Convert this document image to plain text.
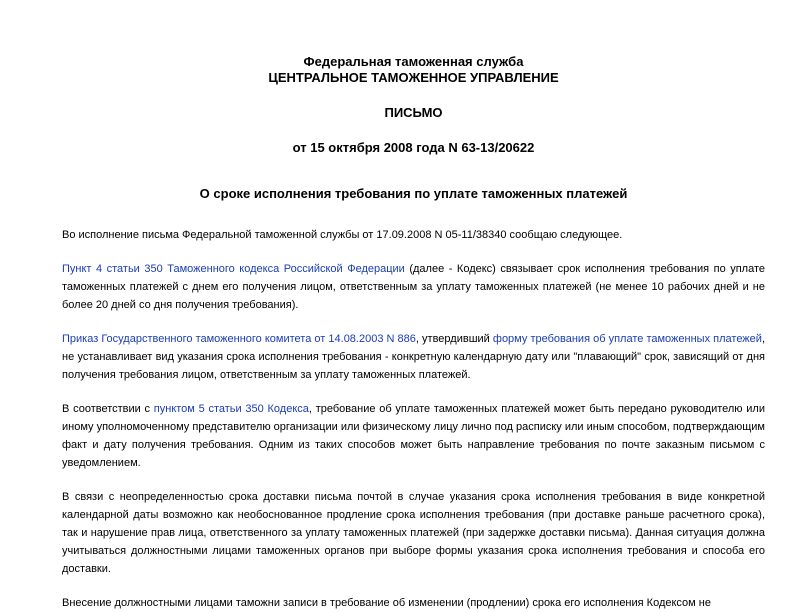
Федеральная таможенная служба

ЦЕНТРАЛЬНОЕ ТАМОЖЕННОЕ УПРАВЛЕНИЕ

ПИСЬМО

от 15 октября 2008 года N 63-13/20622

О сроке исполнения требования по уплате таможенных платежей

Во исполнение письма Федеральной таможенной службы от 17.09.2008 N 05-11/38340 сообщаю следующее.

Пункт 4 статьи 350 Таможенного кодекса Российской Федерации (далее - Кодекс) связывает срок исполнения требования по уплате таможенных платежей с днем его получения лицом, ответственным за уплату таможенных платежей (не менее 10 рабочих дней и не более 20 дней со дня получения требования).

Приказ Государственного таможенного комитета от 14.08.2003 N 886, утвердивший форму требования об уплате таможенных платежей, не устанавливает вид указания срока исполнения требования - конкретную календарную дату или "плавающий" срок, зависящий от дня получения требования лицом, ответственным за уплату таможенных платежей.

В соответствии с пунктом 5 статьи 350 Кодекса, требование об уплате таможенных платежей может быть передано руководителю или иному уполномоченному представителю организации или физическому лицу лично под расписку или иным способом, подтверждающим факт и дату получения требования. Одним из таких способов может быть направление требования по почте заказным письмом с уведомлением.

В связи с неопределенностью срока доставки письма почтой в случае указания срока исполнения требования в виде конкретной календарной даты возможно как необоснованное продление срока исполнения требования (при доставке раньше расчетного срока), так и нарушение прав лица, ответственного за уплату таможенных платежей (при задержке доставки письма). Данная ситуация должна учитываться должностными лицами таможенных органов при выборе формы указания срока исполнения требования и способа его доставки.

Внесение должностными лицами таможни записи в требование об изменении (продлении) срока его исполнения Кодексом не
